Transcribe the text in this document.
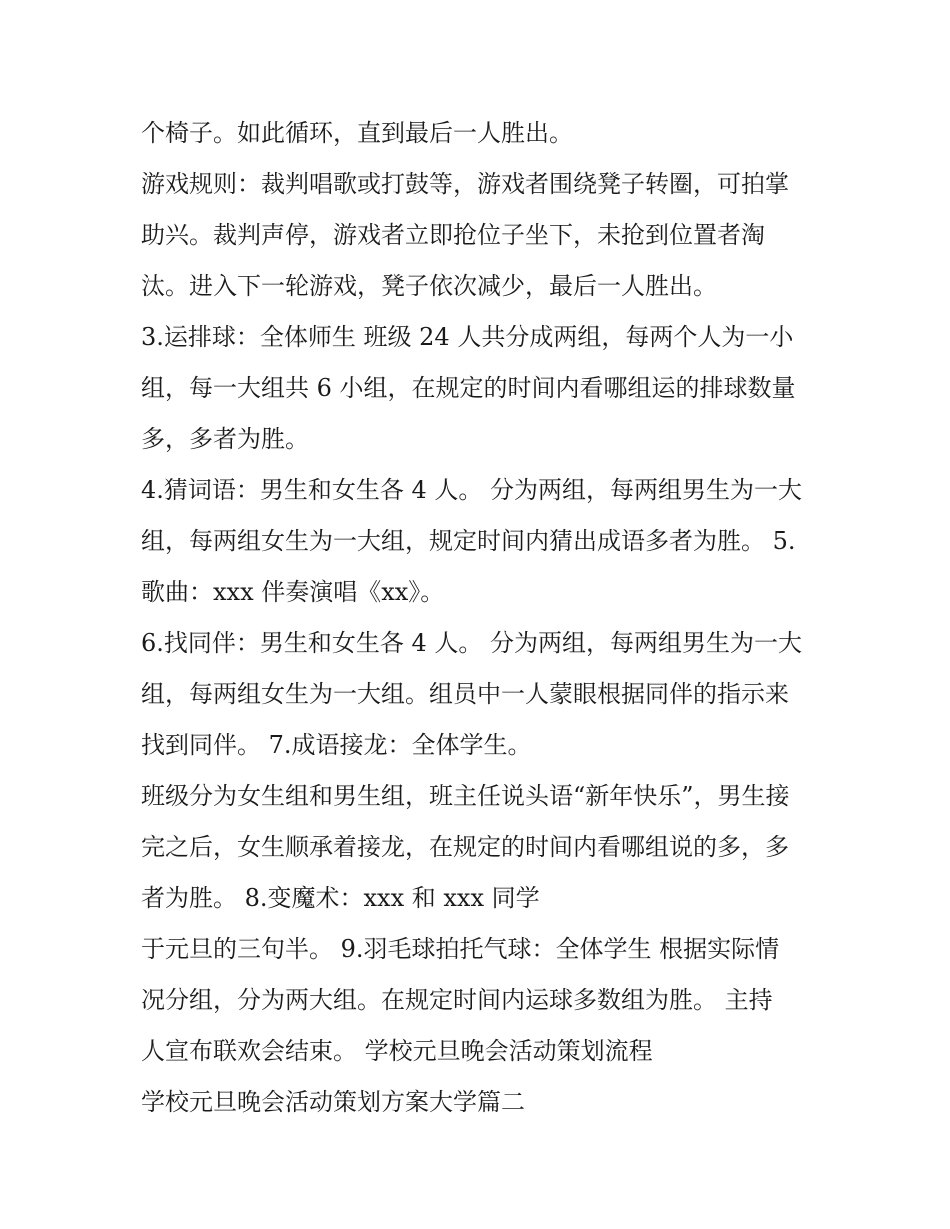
个椅子。如此循环，直到最后一人胜出。
游戏规则：裁判唱歌或打鼓等，游戏者围绕凳子转圈，可拍掌
助兴。裁判声停，游戏者立即抢位子坐下，未抢到位置者淘
汰。进入下一轮游戏，凳子依次减少，最后一人胜出。
3.运排球：全体师生 班级 24 人共分成两组，每两个人为一小
组，每一大组共 6 小组，在规定的时间内看哪组运的排球数量
多，多者为胜。
4.猜词语：男生和女生各 4 人。 分为两组，每两组男生为一大
组，每两组女生为一大组，规定时间内猜出成语多者为胜。 5.
歌曲：xxx 伴奏演唱《xx》。
6.找同伴：男生和女生各 4 人。 分为两组，每两组男生为一大
组，每两组女生为一大组。组员中一人蒙眼根据同伴的指示来
找到同伴。 7.成语接龙：全体学生。
班级分为女生组和男生组，班主任说头语“新年快乐”，男生接
完之后，女生顺承着接龙，在规定的时间内看哪组说的多，多
者为胜。 8.变魔术：xxx 和 xxx 同学
于元旦的三句半。 9.羽毛球拍托气球：全体学生 根据实际情
况分组，分为两大组。在规定时间内运球多数组为胜。 主持
人宣布联欢会结束。 学校元旦晚会活动策划流程
学校元旦晚会活动策划方案大学篇二
